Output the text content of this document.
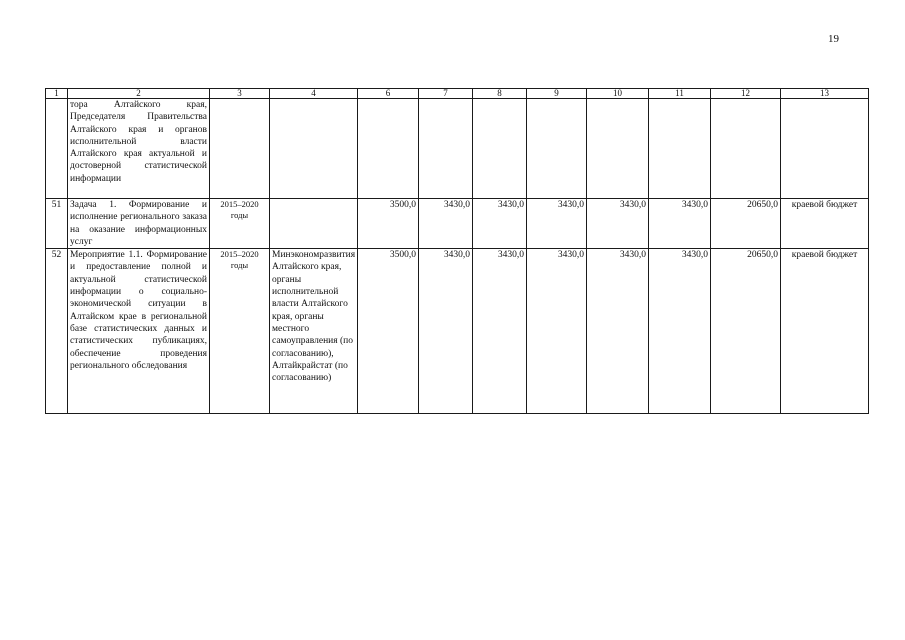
19
1	2	3	4	6	7	8	9	10	11	12	13
	тора Алтайского края, Председателя Правительства Алтайского края и органов исполнительной власти Алтайского края актуальной и достоверной статистической информации										
51	Задача 1. Формирование и исполнение регионального заказа на оказание информационных услуг	2015–2020 годы		3500,0	3430,0	3430,0	3430,0	3430,0	3430,0	20650,0	краевой бюджет
52	Мероприятие 1.1. Формирование и предоставление полной и актуальной статистической информации о социально-экономической ситуации в Алтайском крае в региональной базе статистических данных и статистических публикациях, обеспечение проведения регионального обследования	2015–2020 годы	Минэкономразвития Алтайского края, органы исполнительной власти Алтайского края, органы местного самоуправления (по согласованию), Алтайкрайстат (по согласованию)	3500,0	3430,0	3430,0	3430,0	3430,0	3430,0	20650,0	краевой бюджет
